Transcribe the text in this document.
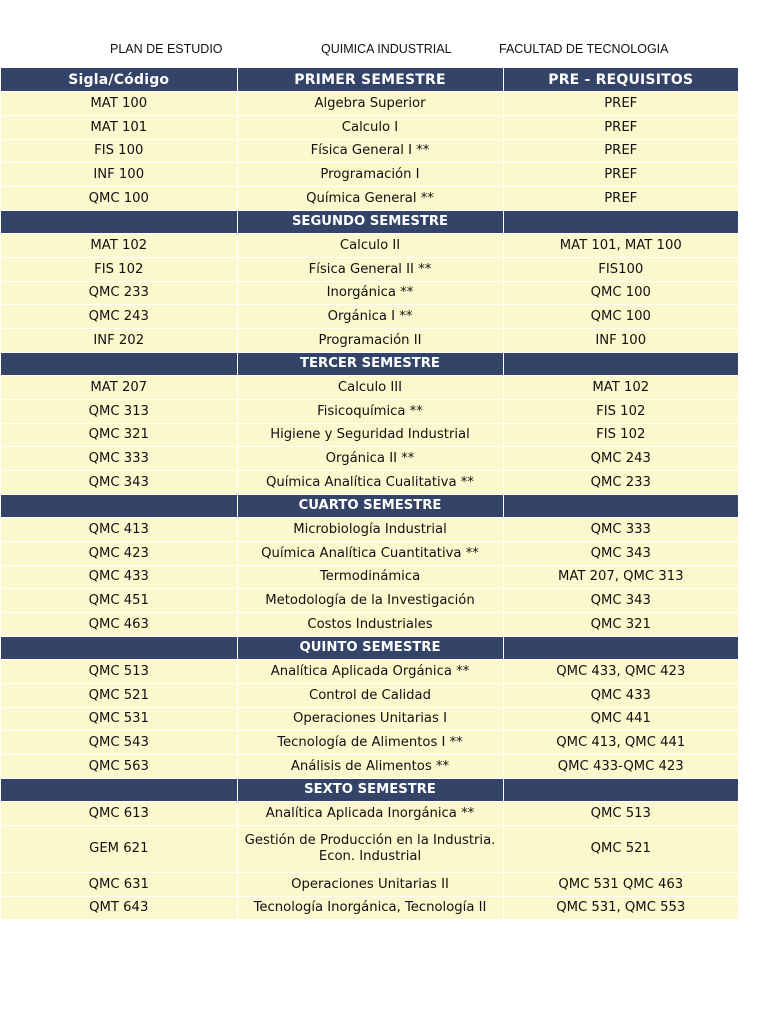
PLAN DE ESTUDIO	QUIMICA INDUSTRIAL	FACULTAD DE TECNOLOGIA
Sigla/Código	PRIMER SEMESTRE	PRE - REQUISITOS
MAT 100	Algebra Superior	PREF
MAT 101	Calculo I	PREF
FIS 100	Física General I **	PREF
INF 100	Programación I	PREF
QMC 100	Química General **	PREF
	SEGUNDO SEMESTRE	
MAT 102	Calculo II	MAT 101, MAT 100
FIS 102	Física General II **	FIS100
QMC 233	Inorgánica **	QMC 100
QMC 243	Orgánica I **	QMC 100
INF 202	Programación II	INF 100
	TERCER SEMESTRE	
MAT 207	Calculo III	MAT 102
QMC 313	Fisicoquímica **	FIS 102
QMC 321	Higiene y Seguridad Industrial	FIS 102
QMC 333	Orgánica II **	QMC 243
QMC 343	Química Analítica Cualitativa **	QMC 233
	CUARTO SEMESTRE	
QMC 413	Microbiología Industrial	QMC 333
QMC 423	Química Analítica Cuantitativa **	QMC 343
QMC 433	Termodinámica	MAT 207, QMC 313
QMC 451	Metodología de la Investigación	QMC 343
QMC 463	Costos Industriales	QMC 321
	QUINTO SEMESTRE	
QMC 513	Analítica Aplicada Orgánica **	QMC 433, QMC 423
QMC 521	Control de Calidad	QMC 433
QMC 531	Operaciones Unitarias I	QMC 441
QMC 543	Tecnología de Alimentos I **	QMC 413, QMC 441
QMC 563	Análisis de Alimentos **	QMC 433-QMC 423
	SEXTO SEMESTRE	
QMC 613	Analítica Aplicada Inorgánica **	QMC 513
GEM 621	Gestión de Producción en la Industria. Econ. Industrial	QMC 521
QMC 631	Operaciones Unitarias II	QMC 531 QMC 463
QMT 643	Tecnología Inorgánica, Tecnología II	QMC 531, QMC 553
